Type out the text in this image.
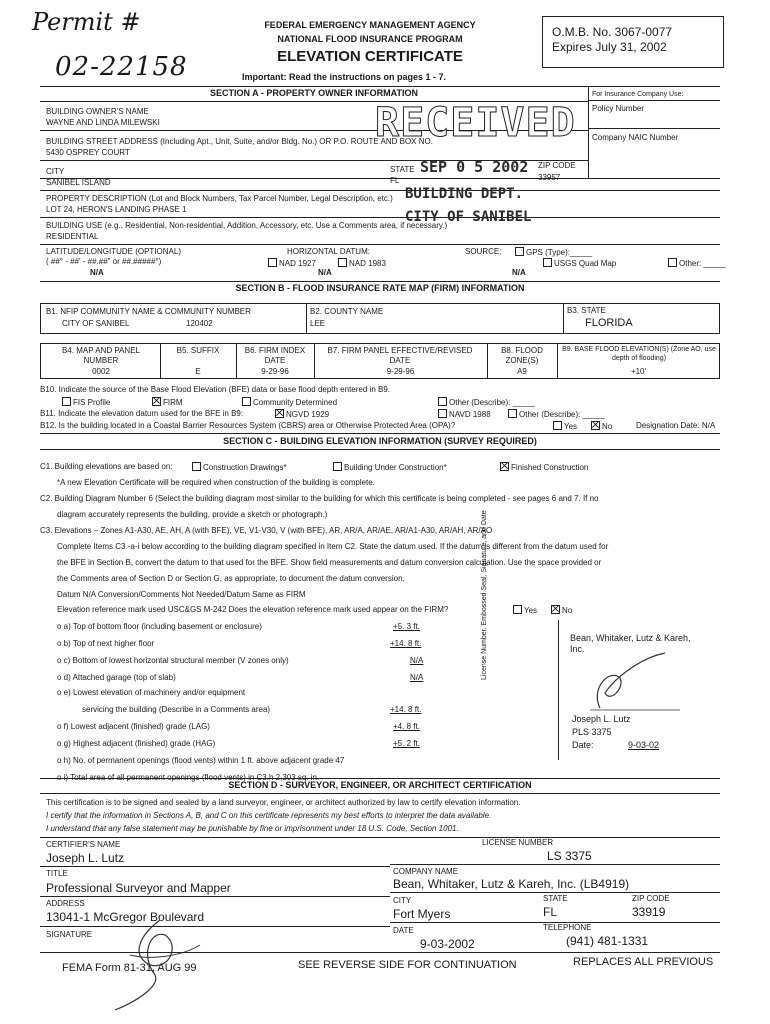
Permit #
02-22158
FEDERAL EMERGENCY MANAGEMENT AGENCY
NATIONAL FLOOD INSURANCE PROGRAM
ELEVATION CERTIFICATE
Important: Read the instructions on pages 1 - 7.
O.M.B. No. 3067-0077
Expires July 31, 2002
SECTION A - PROPERTY OWNER INFORMATION	For Insurance Company Use:
Policy Number
Company NAIC Number
BUILDING OWNER'S NAME
WAYNE AND LINDA MILEWSKI
BUILDING STREET ADDRESS (Including Apt., Unit, Suite, and/or Bldg. No.) OR P.O. ROUTE AND BOX NO.
5430 OSPREY COURT
CITY
SANIBEL ISLAND
STATE
FL
ZIP CODE
33957
PROPERTY DESCRIPTION (Lot and Block Numbers, Tax Parcel Number, Legal Description, etc.)
LOT 24, HERON'S LANDING PHASE 1
BUILDING USE (e.g., Residential, Non-residential, Addition, Accessory, etc. Use a Comments area, if necessary.)
RESIDENTIAL
LATITUDE/LONGITUDE (OPTIONAL)
( ##° - ##' - ##.##" or ##.#####°)
N/A
HORIZONTAL DATUM:
NAD 1927	NAD 1983
N/A
SOURCE:	GPS (Type):_____
USGS Quad Map	Other: _____
N/A
RECEIVED
SEP 0 5 2002
BUILDING DEPT.
CITY OF SANIBEL
SECTION B - FLOOD INSURANCE RATE MAP (FIRM) INFORMATION
B1. NFIP COMMUNITY NAME & COMMUNITY NUMBER
CITY OF SANIBEL	120402
B2. COUNTY NAME
LEE
B3. STATE
FLORIDA
B4. MAP AND PANEL NUMBER
0002
B5. SUFFIX
E
B6. FIRM INDEX DATE
9-29-96
B7. FIRM PANEL EFFECTIVE/REVISED DATE
9-29-96
B8. FLOOD ZONE(S)
A9
B9. BASE FLOOD ELEVATION(S) (Zone AO, use depth of flooding)
+10'
B10. Indicate the source of the Base Flood Elevation (BFE) data or base flood depth entered in B9.
FIS Profile	FIRM	Community Determined	Other (Describe): _____
B11. Indicate the elevation datum used for the BFE in B9:	NGVD 1929	NAVD 1988	Other (Describe): _____
B12. Is the building located in a Coastal Barrier Resources System (CBRS) area or Otherwise Protected Area (OPA)?	Yes	No	Designation Date: N/A
SECTION C - BUILDING ELEVATION INFORMATION (SURVEY REQUIRED)
C1. Building elevations are based on:	Construction Drawings*	Building Under Construction*	Finished Construction
*A new Elevation Certificate will be required when construction of the building is complete.
C2. Building Diagram Number 6 (Select the building diagram most similar to the building for which this certificate is being completed - see pages 6 and 7. If no
diagram accurately represents the building, provide a sketch or photograph.)
C3. Elevations – Zones A1-A30, AE, AH, A (with BFE), VE, V1-V30, V (with BFE), AR, AR/A, AR/AE, AR/A1-A30, AR/AH, AR/AO
Complete Items C3.-a-i below according to the building diagram specified in Item C2. State the datum used. If the datum is different from the datum used for
the BFE in Section B, convert the datum to that used for the BFE. Show field measurements and datum conversion calculation. Use the space provided or
the Comments area of Section D or Section G, as appropriate, to document the datum conversion.
Datum N/A Conversion/Comments Not Needed/Datum Same as FIRM
Elevation reference mark used USC&GS M-242 Does the elevation reference mark used appear on the FIRM?	Yes	No
o a) Top of bottom floor (including basement or enclosure)	+5. 3 ft.
o b) Top of next higher floor	+14. 8 ft.
o c) Bottom of lowest horizontal structural member (V zones only)	N/A
o d) Attached garage (top of slab)	N/A
o e) Lowest elevation of machinery and/or equipment
servicing the building (Describe in a Comments area)	+14. 8 ft.
o f) Lowest adjacent (finished) grade (LAG)	+4. 8 ft.
o g) Highest adjacent (finished) grade (HAG)	+5. 2 ft.
o h) No. of permanent openings (flood vents) within 1 ft. above adjacent grade 47
License Number, Embossed Seal, Signature, and Date	Bean, Whitaker, Lutz & Kareh, Inc.
Joseph L. Lutz
PLS 3375
Date:	9-03-02
SECTION D - SURVEYOR, ENGINEER, OR ARCHITECT CERTIFICATION
This certification is to be signed and sealed by a land surveyor, engineer, or architect authorized by law to certify elevation information.
I certify that the information in Sections A, B, and C on this certificate represents my best efforts to interpret the data available.
I understand that any false statement may be punishable by fine or imprisonment under 18 U.S. Code, Section 1001.
CERTIFIER'S NAME
Joseph L. Lutz
LICENSE NUMBER
LS 3375
TITLE
Professional Surveyor and Mapper
COMPANY NAME
Bean, Whitaker, Lutz & Kareh, Inc. (LB4919)
ADDRESS
13041-1 McGregor Boulevard
CITY
Fort Myers
STATE
FL
ZIP CODE
33919
SIGNATURE	DATE
9-03-2002
TELEPHONE
(941) 481-1331
FEMA Form 81-31, AUG 99	SEE REVERSE SIDE FOR CONTINUATION	REPLACES ALL PREVIOUS
